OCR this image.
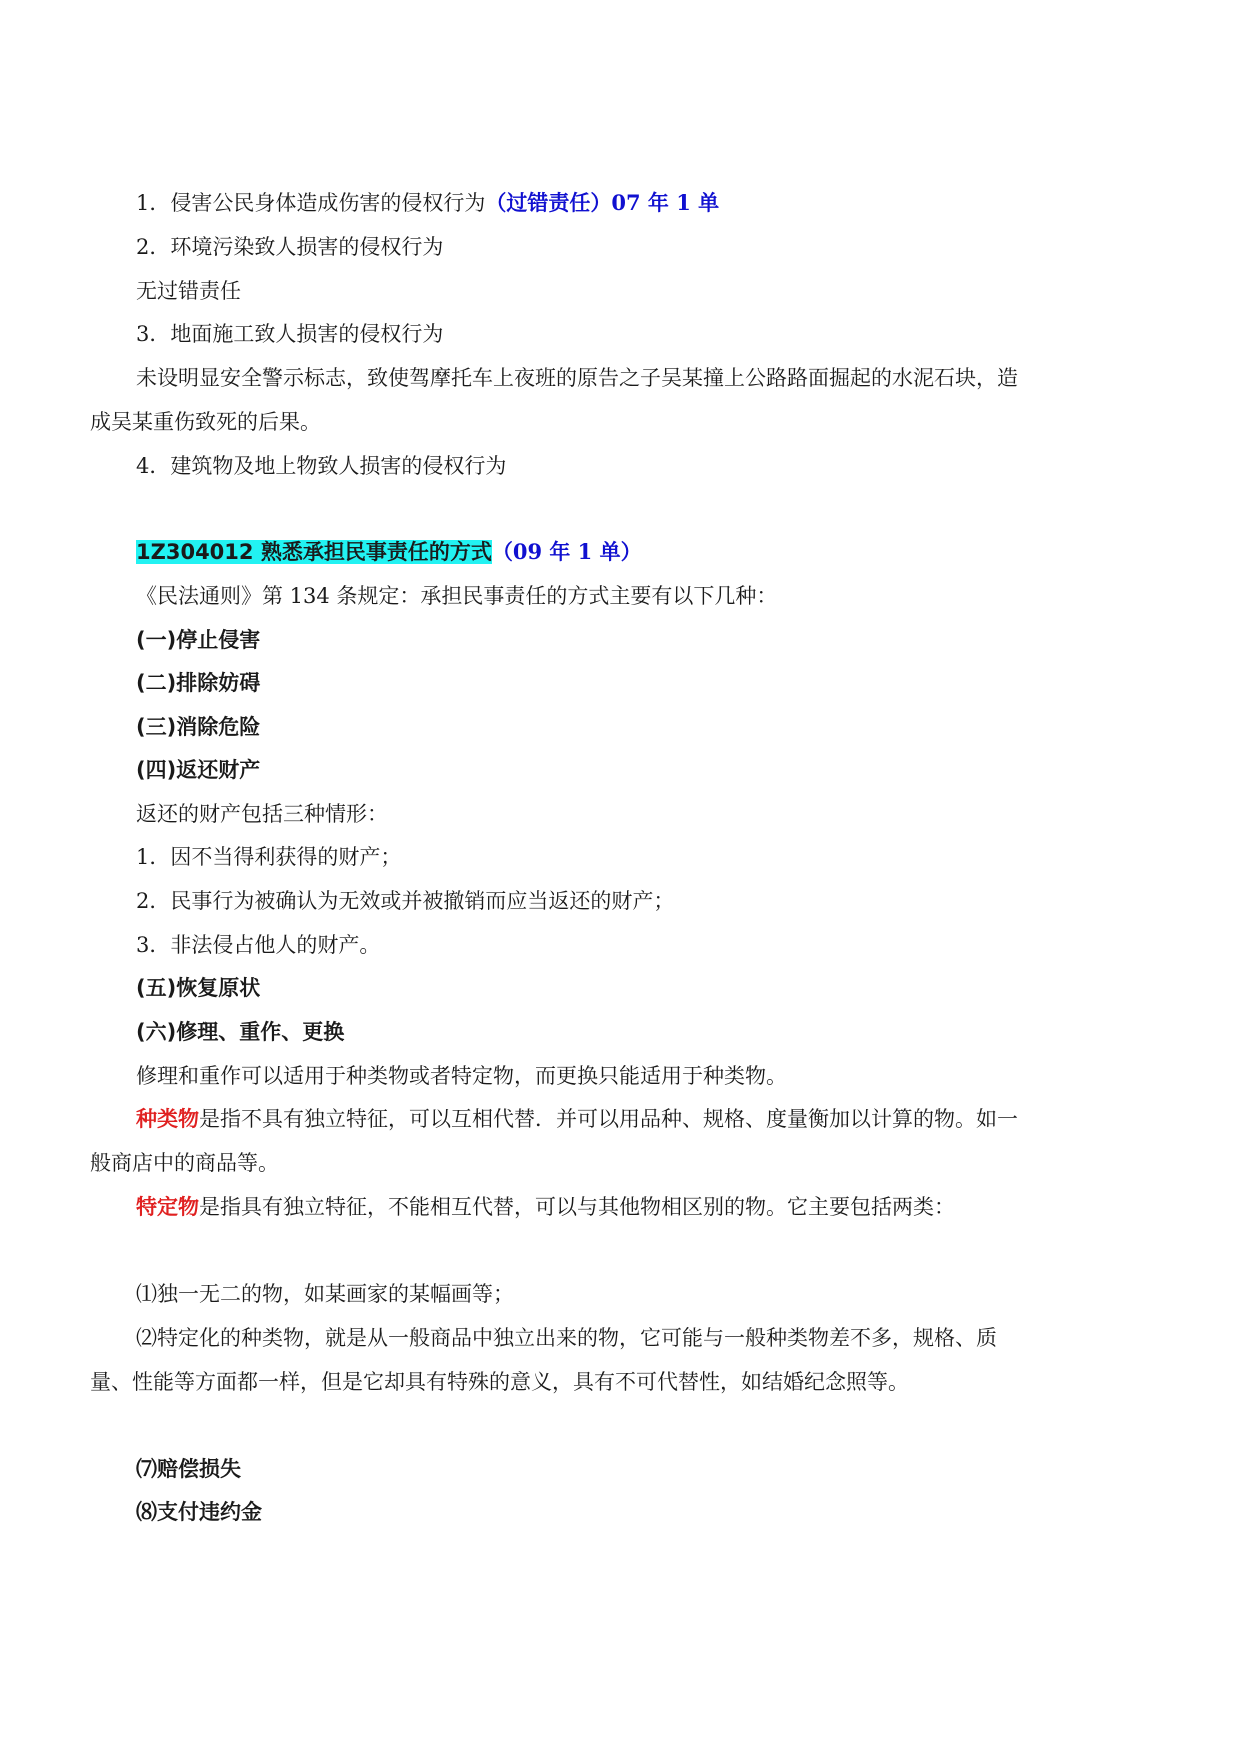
1．侵害公民身体造成伤害的侵权行为（过错责任）07 年 1 单
2．环境污染致人损害的侵权行为
无过错责任
3．地面施工致人损害的侵权行为
未设明显安全警示标志，致使驾摩托车上夜班的原告之子吴某撞上公路路面掘起的水泥石块，造
成吴某重伤致死的后果。
4．建筑物及地上物致人损害的侵权行为
1Z304012 熟悉承担民事责任的方式（09 年 1 单）
《民法通则》第 134 条规定：承担民事责任的方式主要有以下几种：
(一)停止侵害
(二)排除妨碍
(三)消除危险
(四)返还财产
返还的财产包括三种情形：
1．因不当得利获得的财产；
2．民事行为被确认为无效或并被撤销而应当返还的财产；
3．非法侵占他人的财产。
(五)恢复原状
(六)修理、重作、更换
修理和重作可以适用于种类物或者特定物，而更换只能适用于种类物。
种类物是指不具有独立特征，可以互相代替．并可以用品种、规格、度量衡加以计算的物。如一
般商店中的商品等。
特定物是指具有独立特征，不能相互代替，可以与其他物相区别的物。它主要包括两类：
⑴独一无二的物，如某画家的某幅画等；
⑵特定化的种类物，就是从一般商品中独立出来的物，它可能与一般种类物差不多，规格、质
量、性能等方面都一样，但是它却具有特殊的意义，具有不可代替性，如结婚纪念照等。
⑺赔偿损失
⑻支付违约金
